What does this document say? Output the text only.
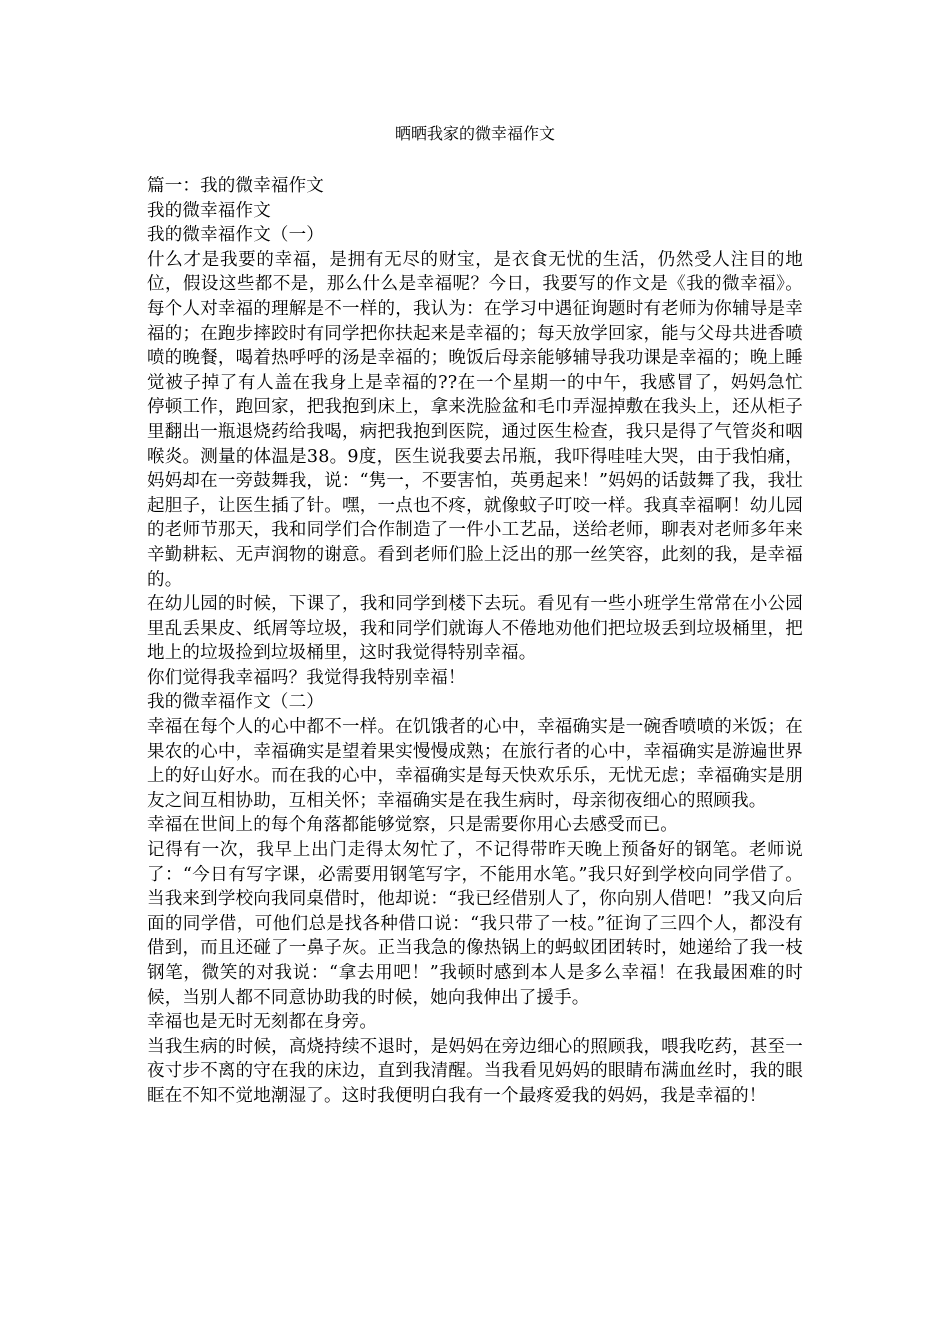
晒晒我家的微幸福作文

篇一：我的微幸福作文

我的微幸福作文

我的微幸福作文（一）

什么才是我要的幸福，是拥有无尽的财宝，是衣食无忧的生活，仍然受人注目的地位，假设这些都不是，那么什么是幸福呢？今日，我要写的作文是《我的微幸福》。每个人对幸福的理解是不一样的，我认为：在学习中遇征询题时有老师为你辅导是幸福的；在跑步摔跤时有同学把你扶起来是幸福的；每天放学回家，能与父母共进香喷喷的晚餐，喝着热呼呼的汤是幸福的；晚饭后母亲能够辅导我功课是幸福的；晚上睡觉被子掉了有人盖在我身上是幸福的??在一个星期一的中午，我感冒了，妈妈急忙停顿工作，跑回家，把我抱到床上，拿来洗脸盆和毛巾弄湿掉敷在我头上，还从柜子里翻出一瓶退烧药给我喝，病把我抱到医院，通过医生检查，我只是得了气管炎和咽喉炎。测量的体温是38。9度，医生说我要去吊瓶，我吓得哇哇大哭，由于我怕痛，妈妈却在一旁鼓舞我，说：“隽一，不要害怕，英勇起来！”妈妈的话鼓舞了我，我壮起胆子，让医生插了针。嘿，一点也不疼，就像蚊子叮咬一样。我真幸福啊！幼儿园的老师节那天，我和同学们合作制造了一件小工艺品，送给老师，聊表对老师多年来辛勤耕耘、无声润物的谢意。看到老师们脸上泛出的那一丝笑容，此刻的我，是幸福的。

在幼儿园的时候，下课了，我和同学到楼下去玩。看见有一些小班学生常常在小公园里乱丢果皮、纸屑等垃圾，我和同学们就诲人不倦地劝他们把垃圾丢到垃圾桶里，把地上的垃圾捡到垃圾桶里，这时我觉得特别幸福。

你们觉得我幸福吗？我觉得我特别幸福！

我的微幸福作文（二）

幸福在每个人的心中都不一样。在饥饿者的心中，幸福确实是一碗香喷喷的米饭；在果农的心中，幸福确实是望着果实慢慢成熟；在旅行者的心中，幸福确实是游遍世界上的好山好水。而在我的心中，幸福确实是每天快欢乐乐，无忧无虑；幸福确实是朋友之间互相协助，互相关怀；幸福确实是在我生病时，母亲彻夜细心的照顾我。

幸福在世间上的每个角落都能够觉察，只是需要你用心去感受而已。

记得有一次，我早上出门走得太匆忙了，不记得带昨天晚上预备好的钢笔。老师说了：“今日有写字课，必需要用钢笔写字，不能用水笔。”我只好到学校向同学借了。当我来到学校向我同桌借时，他却说：“我已经借别人了，你向别人借吧！”我又向后面的同学借，可他们总是找各种借口说：“我只带了一枝。”征询了三四个人，都没有借到，而且还碰了一鼻子灰。正当我急的像热锅上的蚂蚁团团转时，她递给了我一枝钢笔，微笑的对我说：“拿去用吧！”我顿时感到本人是多么幸福！在我最困难的时候，当别人都不同意协助我的时候，她向我伸出了援手。

幸福也是无时无刻都在身旁。

当我生病的时候，高烧持续不退时，是妈妈在旁边细心的照顾我，喂我吃药，甚至一夜寸步不离的守在我的床边，直到我清醒。当我看见妈妈的眼睛布满血丝时，我的眼眶在不知不觉地潮湿了。这时我便明白我有一个最疼爱我的妈妈，我是幸福的！
